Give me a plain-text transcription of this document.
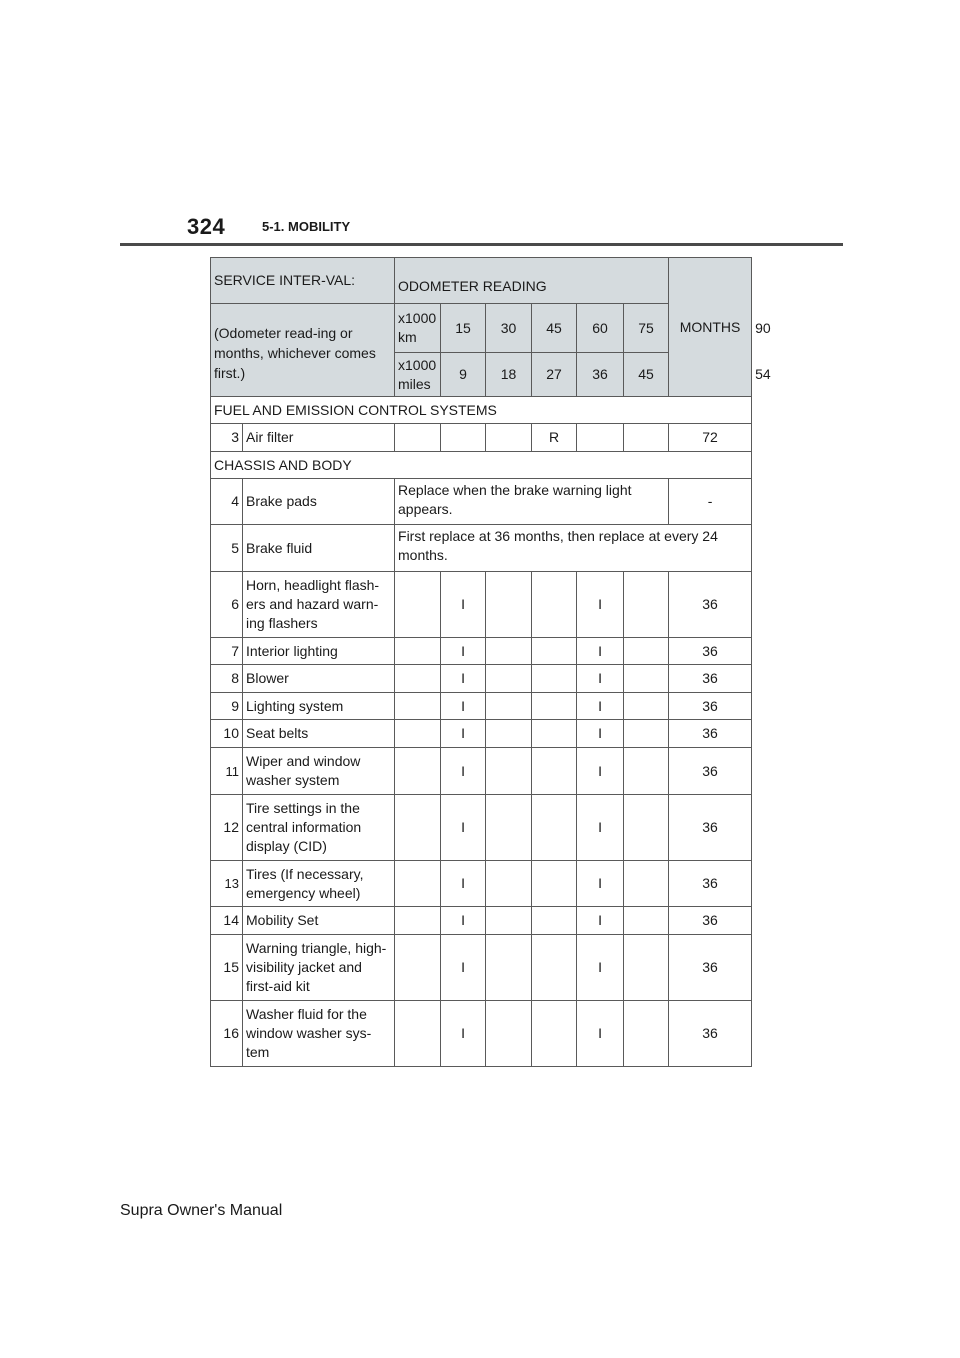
324	5-1. MOBILITY
SERVICE INTER-VAL:		ODOMETER READING						MONTHS	
(Odometer read-ing or months, whichever comes first.)		x1000 km	15	30	45	60	75		90
		x1000 miles	9	18	27	36	45		54
FUEL AND EMISSION CONTROL SYSTEMS									
3	Air filter				R			72	
CHASSIS AND BODY									
4	Brake pads	Replace when the brake warning light appears.						-	
5	Brake fluid	First replace at 36 months, then replace at every 24 months.							
6	Horn, headlight flash-ers and hazard warn-ing flashers		I			I		36	
7	Interior lighting		I			I		36	
8	Blower		I			I		36	
9	Lighting system		I			I		36	
10	Seat belts		I			I		36	
11	Wiper and window washer system		I			I		36	
12	Tire settings in the central information display (CID)		I			I		36	
13	Tires (If necessary, emergency wheel)		I			I		36	
14	Mobility Set		I			I		36	
15	Warning triangle, high-visibility jacket and first-aid kit		I			I		36	
16	Washer fluid for the window washer sys-tem		I			I		36	
Supra Owner's Manual
